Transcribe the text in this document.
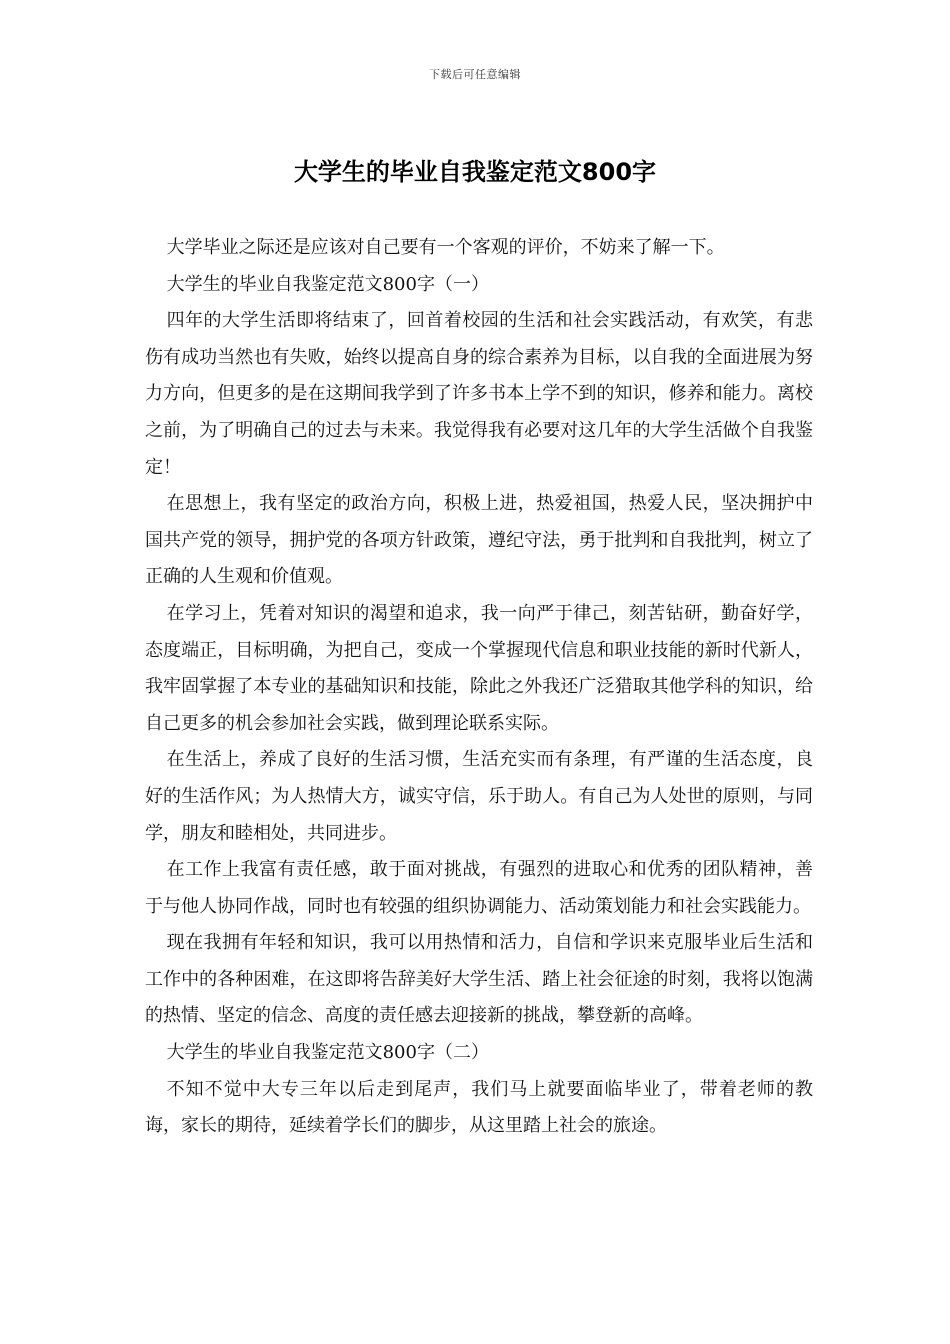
下载后可任意编辑
大学生的毕业自我鉴定范文800字

大学毕业之际还是应该对自己要有一个客观的评价，不妨来了解一下。

大学生的毕业自我鉴定范文800字（一）

四年的大学生活即将结束了，回首着校园的生活和社会实践活动，有欢笑，有悲伤有成功当然也有失败，始终以提高自身的综合素养为目标，以自我的全面进展为努力方向，但更多的是在这期间我学到了许多书本上学不到的知识，修养和能力。离校之前，为了明确自己的过去与未来。我觉得我有必要对这几年的大学生活做个自我鉴定！

在思想上，我有坚定的政治方向，积极上进，热爱祖国，热爱人民，坚决拥护中国共产党的领导，拥护党的各项方针政策，遵纪守法，勇于批判和自我批判，树立了正确的人生观和价值观。

在学习上，凭着对知识的渴望和追求，我一向严于律己，刻苦钻研，勤奋好学，态度端正，目标明确，为把自己，变成一个掌握现代信息和职业技能的新时代新人，我牢固掌握了本专业的基础知识和技能，除此之外我还广泛猎取其他学科的知识，给自己更多的机会参加社会实践，做到理论联系实际。

在生活上，养成了良好的生活习惯，生活充实而有条理，有严谨的生活态度，良好的生活作风；为人热情大方，诚实守信，乐于助人。有自己为人处世的原则，与同学，朋友和睦相处，共同进步。

在工作上我富有责任感，敢于面对挑战，有强烈的进取心和优秀的团队精神，善于与他人协同作战，同时也有较强的组织协调能力、活动策划能力和社会实践能力。

现在我拥有年轻和知识，我可以用热情和活力，自信和学识来克服毕业后生活和工作中的各种困难，在这即将告辞美好大学生活、踏上社会征途的时刻，我将以饱满的热情、坚定的信念、高度的责任感去迎接新的挑战，攀登新的高峰。

大学生的毕业自我鉴定范文800字（二）

不知不觉中大专三年以后走到尾声，我们马上就要面临毕业了，带着老师的教诲，家长的期待，延续着学长们的脚步，从这里踏上社会的旅途。
